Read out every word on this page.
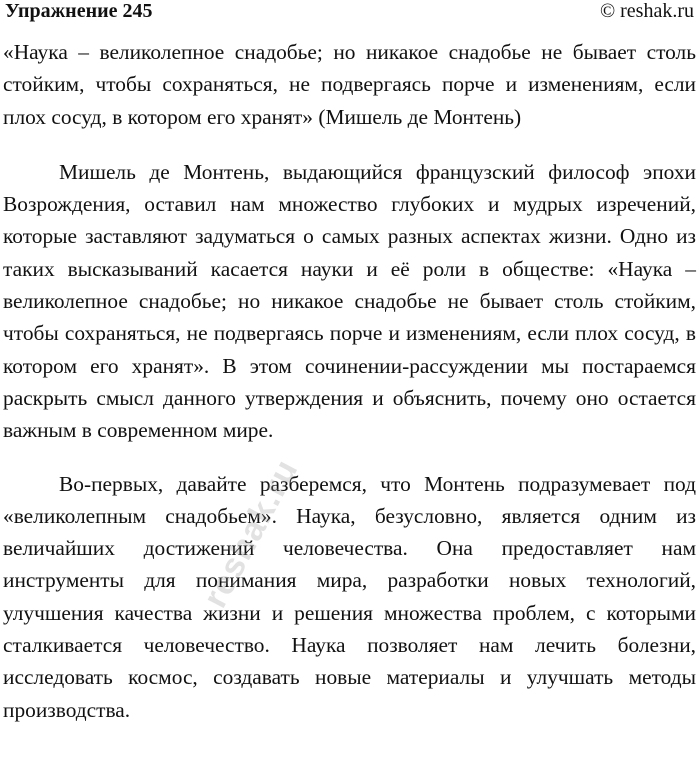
Упражнение 245	© reshak.ru

«Наука – великолепное снадобье; но никакое снадобье не бывает столь стойким, чтобы сохраняться, не подвергаясь порче и изменениям, если плох сосуд, в котором его хранят» (Мишель де Монтень)

Мишель де Монтень, выдающийся французский философ эпохи Возрождения, оставил нам множество глубоких и мудрых изречений, которые заставляют задуматься о самых разных аспектах жизни. Одно из таких высказываний касается науки и её роли в обществе: «Наука – великолепное снадобье; но никакое снадобье не бывает столь стойким, чтобы сохраняться, не подвергаясь порче и изменениям, если плох сосуд, в котором его хранят». В этом сочинении-рассуждении мы постараемся раскрыть смысл данного утверждения и объяснить, почему оно остается важным в современном мире.

Во-первых, давайте разберемся, что Монтень подразумевает под «великолепным снадобьем». Наука, безусловно, является одним из величайших достижений человечества. Она предоставляет нам инструменты для понимания мира, разработки новых технологий, улучшения качества жизни и решения множества проблем, с которыми сталкивается человечество. Наука позволяет нам лечить болезни, исследовать космос, создавать новые материалы и улучшать методы производства.

reshak.ru
